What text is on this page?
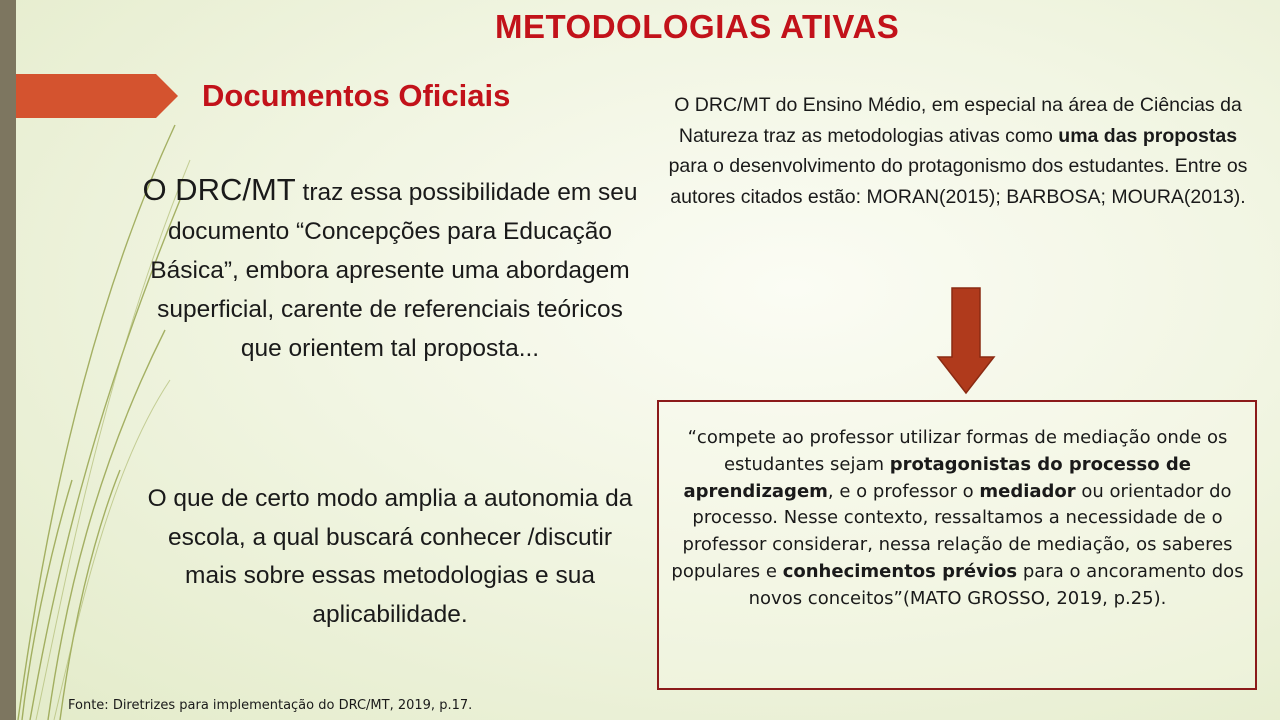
METODOLOGIAS ATIVAS
Documentos Oficiais
O DRC/MT traz essa possibilidade em seu documento “Concepções para Educação Básica”, embora apresente uma abordagem superficial, carente de referenciais teóricos que orientem tal proposta...
O que de certo modo amplia a autonomia da escola, a qual buscará conhecer /discutir mais sobre essas metodologias e sua aplicabilidade.
O DRC/MT do Ensino Médio, em especial na área de Ciências da Natureza traz as metodologias ativas como uma das propostas para o desenvolvimento do protagonismo dos estudantes. Entre os autores citados estão: MORAN(2015); BARBOSA; MOURA(2013).
“compete ao professor utilizar formas de mediação onde os estudantes sejam protagonistas do processo de aprendizagem, e o professor o mediador ou orientador do processo. Nesse contexto, ressaltamos a necessidade de o professor considerar, nessa relação de mediação, os saberes populares e conhecimentos prévios para o ancoramento dos novos conceitos”(MATO GROSSO, 2019, p.25).
Fonte: Diretrizes para implementação do DRC/MT, 2019, p.17.
